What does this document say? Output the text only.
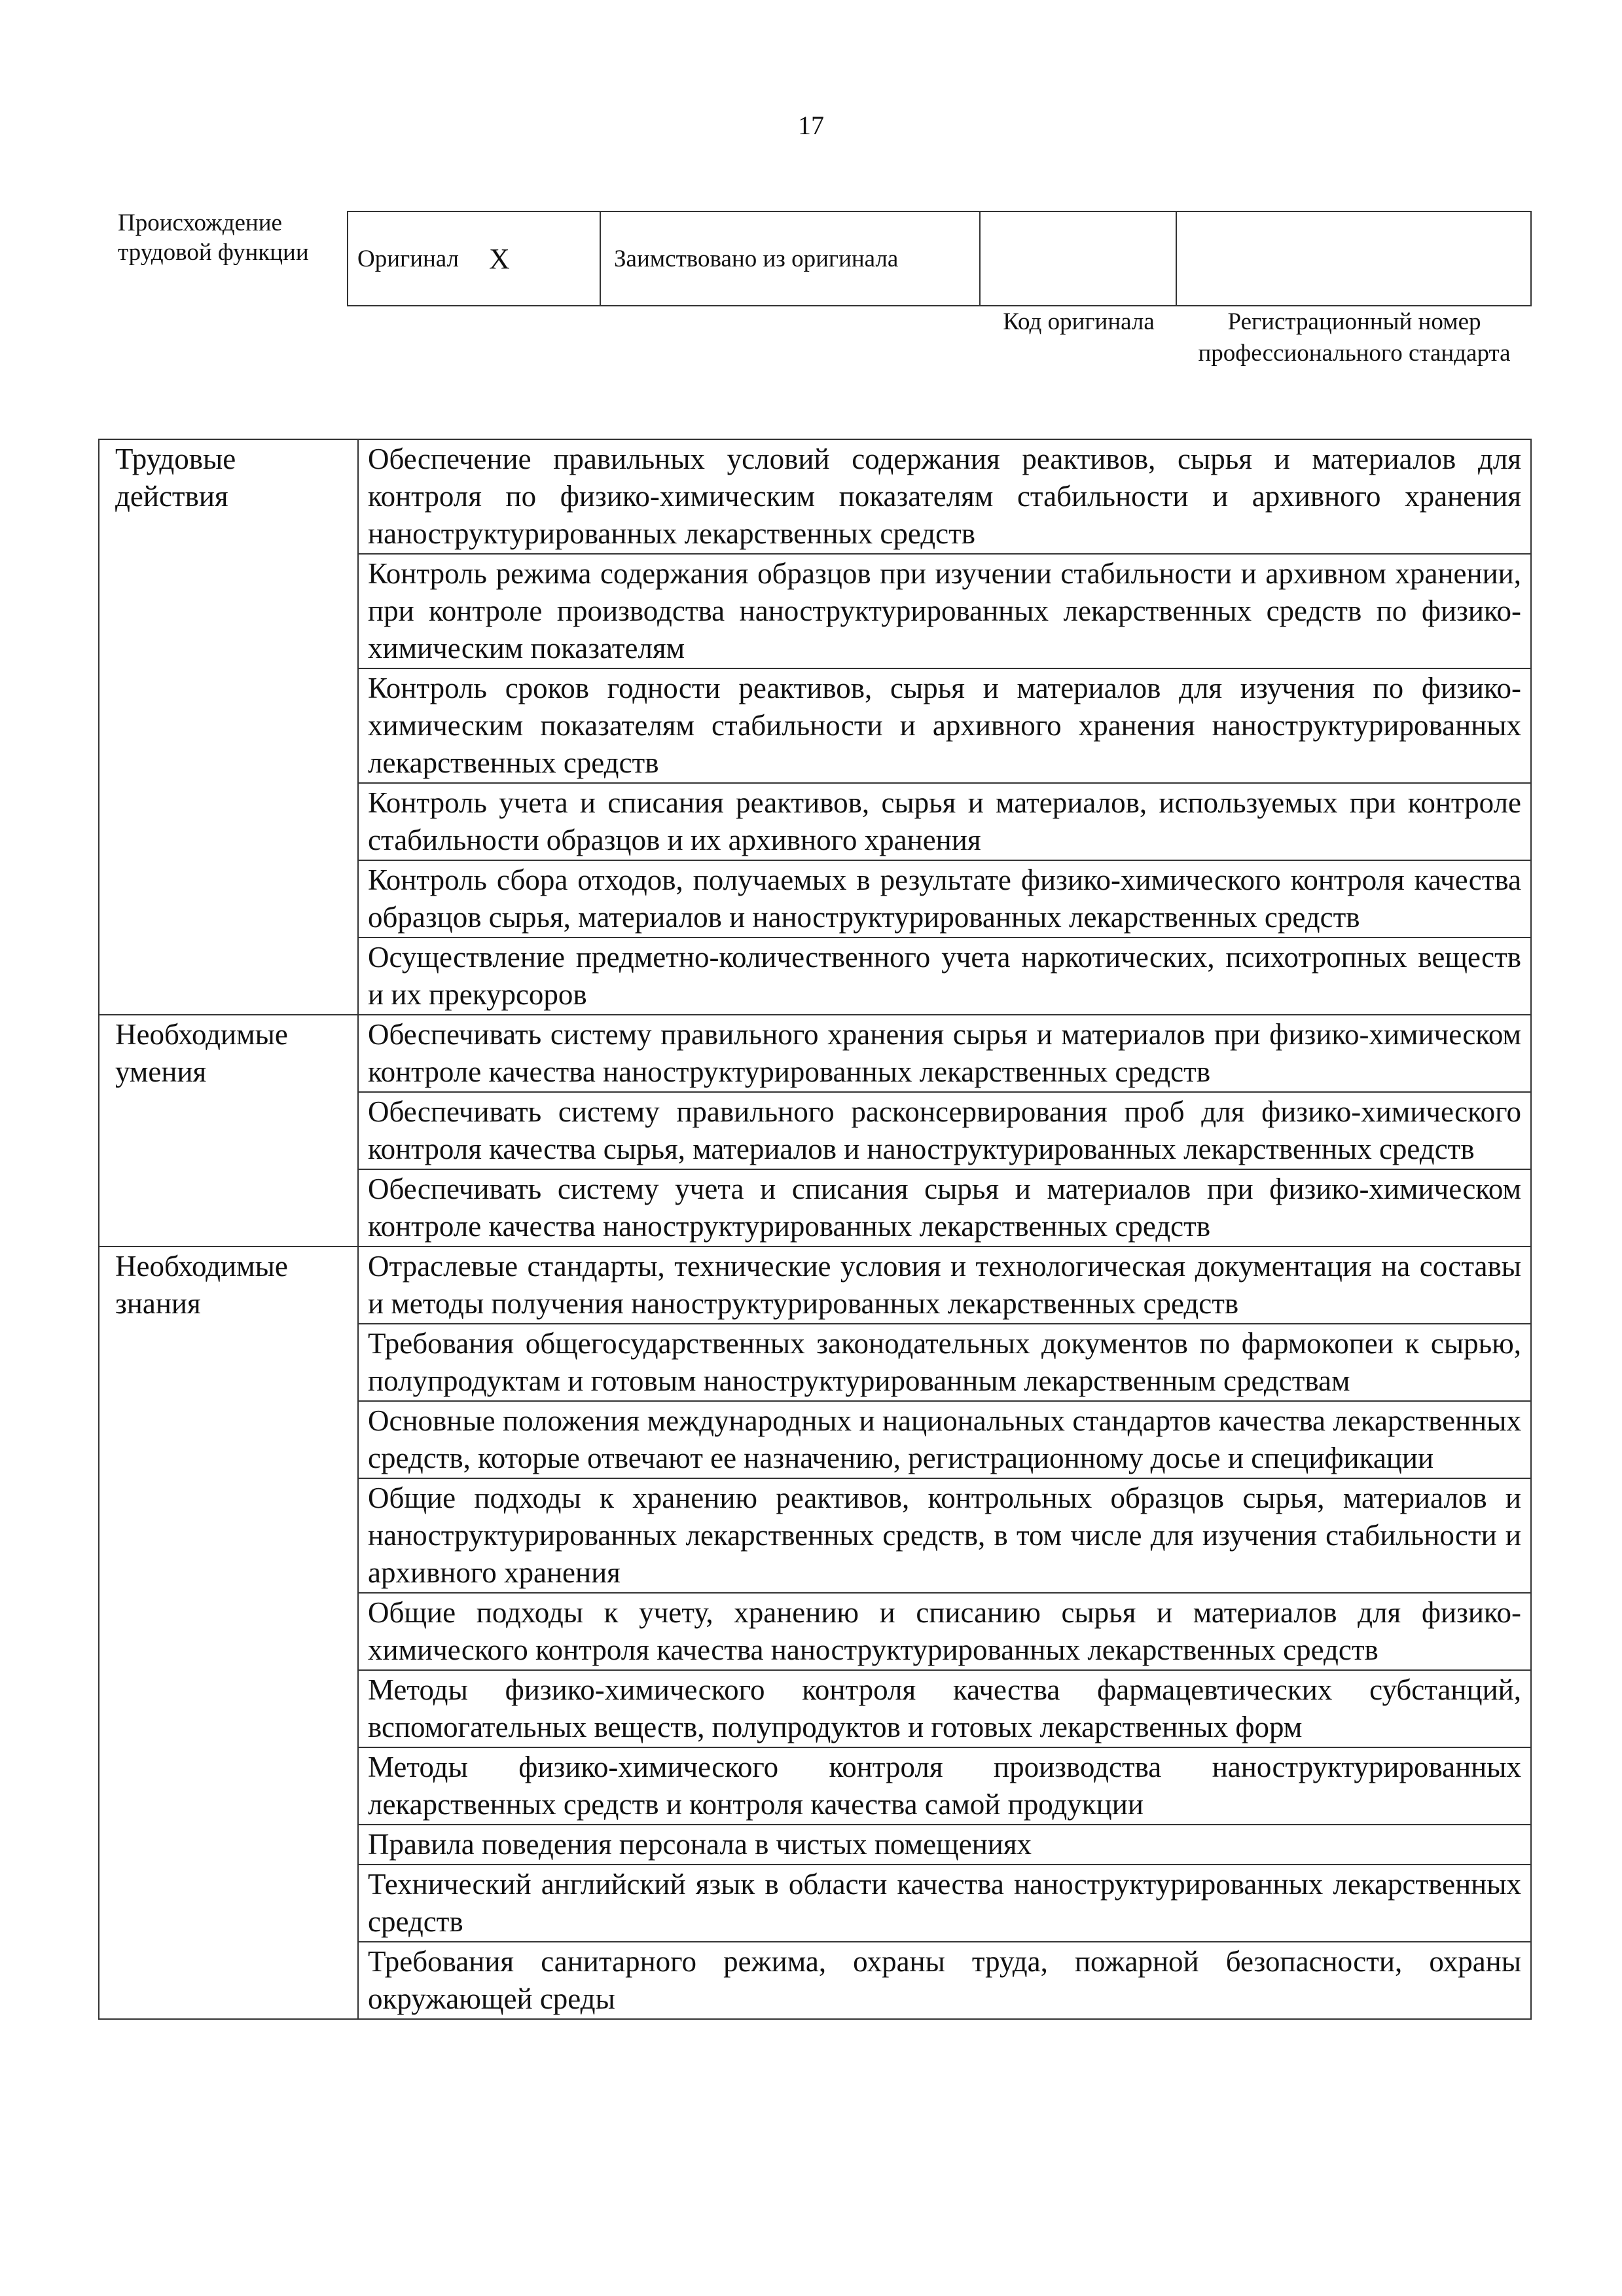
17
Происхождение трудовой функции Оригинал X	Заимствовано из оригинала
Код оригинала	Регистрационный номер профессионального стандарта
Трудовые действия	Обеспечение правильных условий содержания реактивов, сырья и материалов для контроля по физико-химическим показателям стабильности и архивного хранения наноструктурированных лекарственных средств
	Контроль режима содержания образцов при изучении стабильности и архивном хранении, при контроле производства наноструктурированных лекарственных средств по физико-химическим показателям
	Контроль сроков годности реактивов, сырья и материалов для изучения по физико-химическим показателям стабильности и архивного хранения наноструктурированных лекарственных средств
	Контроль учета и списания реактивов, сырья и материалов, используемых при контроле стабильности образцов и их архивного хранения
	Контроль сбора отходов, получаемых в результате физико-химического контроля качества образцов сырья, материалов и наноструктурированных лекарственных средств
	Осуществление предметно-количественного учета наркотических, психотропных веществ и их прекурсоров
Необходимые умения	Обеспечивать систему правильного хранения сырья и материалов при физико-химическом контроле качества наноструктурированных лекарственных средств
	Обеспечивать систему правильного расконсервирования проб для физико-химического контроля качества сырья, материалов и наноструктурированных лекарственных средств
	Обеспечивать систему учета и списания сырья и материалов при физико-химическом контроле качества наноструктурированных лекарственных средств
Необходимые знания	Отраслевые стандарты, технические условия и технологическая документация на составы и методы получения наноструктурированных лекарственных средств
	Требования общегосударственных законодательных документов по фармокопеи к сырью, полупродуктам и готовым наноструктурированным лекарственным средствам
	Основные положения международных и национальных стандартов качества лекарственных средств, которые отвечают ее назначению, регистрационному досье и спецификации
	Общие подходы к хранению реактивов, контрольных образцов сырья, материалов и наноструктурированных лекарственных средств, в том числе для изучения стабильности и архивного хранения
	Общие подходы к учету, хранению и списанию сырья и материалов для физико-химического контроля качества наноструктурированных лекарственных средств
	Методы физико-химического контроля качества фармацевтических субстанций, вспомогательных веществ, полупродуктов и готовых лекарственных форм
	Методы физико-химического контроля производства наноструктурированных лекарственных средств и контроля качества самой продукции
	Правила поведения персонала в чистых помещениях
	Технический английский язык в области качества наноструктурированных лекарственных средств
	Требования санитарного режима, охраны труда, пожарной безопасности, охраны окружающей среды
